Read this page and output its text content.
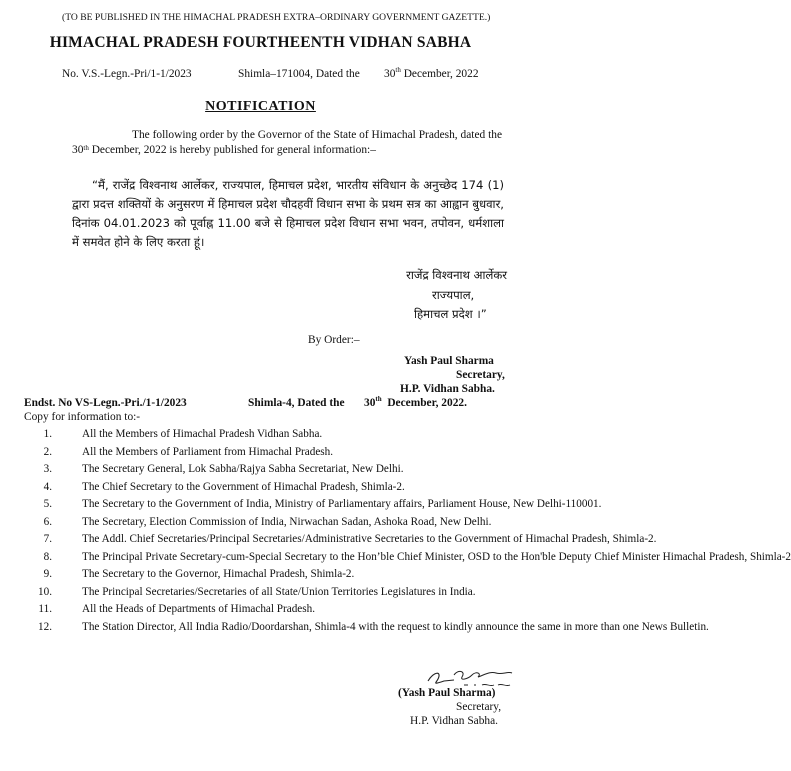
(TO BE PUBLISHED IN THE HIMACHAL PRADESH EXTRA–ORDINARY GOVERNMENT GAZETTE.)
HIMACHAL PRADESH FOURTHEENTH VIDHAN SABHA
No. V.S.-Legn.-Pri/1-1/2023	Shimla–171004, Dated the 30th December, 2022
NOTIFICATION
The following order by the Governor of the State of Himachal Pradesh, dated the 30th December, 2022 is hereby published for general information:–
“मैं, राजेंद्र विश्वनाथ आर्लेकर, राज्यपाल, हिमाचल प्रदेश, भारतीय संविधान के अनुच्छेद 174 (1) द्वारा प्रदत्त शक्तियों के अनुसरण में हिमाचल प्रदेश चौदहवीं विधान सभा के प्रथम सत्र का आह्वान बुधवार, दिनांक 04.01.2023 को पूर्वाह्न 11.00 बजे से हिमाचल प्रदेश विधान सभा भवन, तपोवन, धर्मशाला में समवेत होने के लिए करता हूं।
राजेंद्र विश्वनाथ आर्लेकर
राज्यपाल,
हिमाचल प्रदेश ।”
By Order:–
Yash Paul Sharma
Secretary,
H.P. Vidhan Sabha.
Endst. No VS-Legn.-Pri./1-1/2023	Shimla-4, Dated the 30th December, 2022.
Copy for information to:-
1.	All the Members of Himachal Pradesh Vidhan Sabha.
2.	All the Members of Parliament from Himachal Pradesh.
3.	The Secretary General, Lok Sabha/Rajya Sabha Secretariat, New Delhi.
4.	The Chief Secretary to the Government of Himachal Pradesh, Shimla-2.
5.	The Secretary to the Government of India, Ministry of Parliamentary affairs, Parliament House, New Delhi-110001.
6.	The Secretary, Election Commission of India, Nirwachan Sadan, Ashoka Road, New Delhi.
7.	The Addl. Chief Secretaries/Principal Secretaries/Administrative Secretaries to the Government of Himachal Pradesh, Shimla-2.
8.	The Principal Private Secretary-cum-Special Secretary to the Hon’ble Chief Minister, OSD to the Hon'ble Deputy Chief Minister Himachal Pradesh, Shimla-2
9.	The Secretary to the Governor, Himachal Pradesh, Shimla-2.
10.	The Principal Secretaries/Secretaries of all State/Union Territories Legislatures in India.
11.	All the Heads of Departments of Himachal Pradesh.
12.	The Station Director, All India Radio/Doordarshan, Shimla-4 with the request to kindly announce the same in more than one News Bulletin.
(Yash Paul Sharma)
Secretary,
H.P. Vidhan Sabha.
